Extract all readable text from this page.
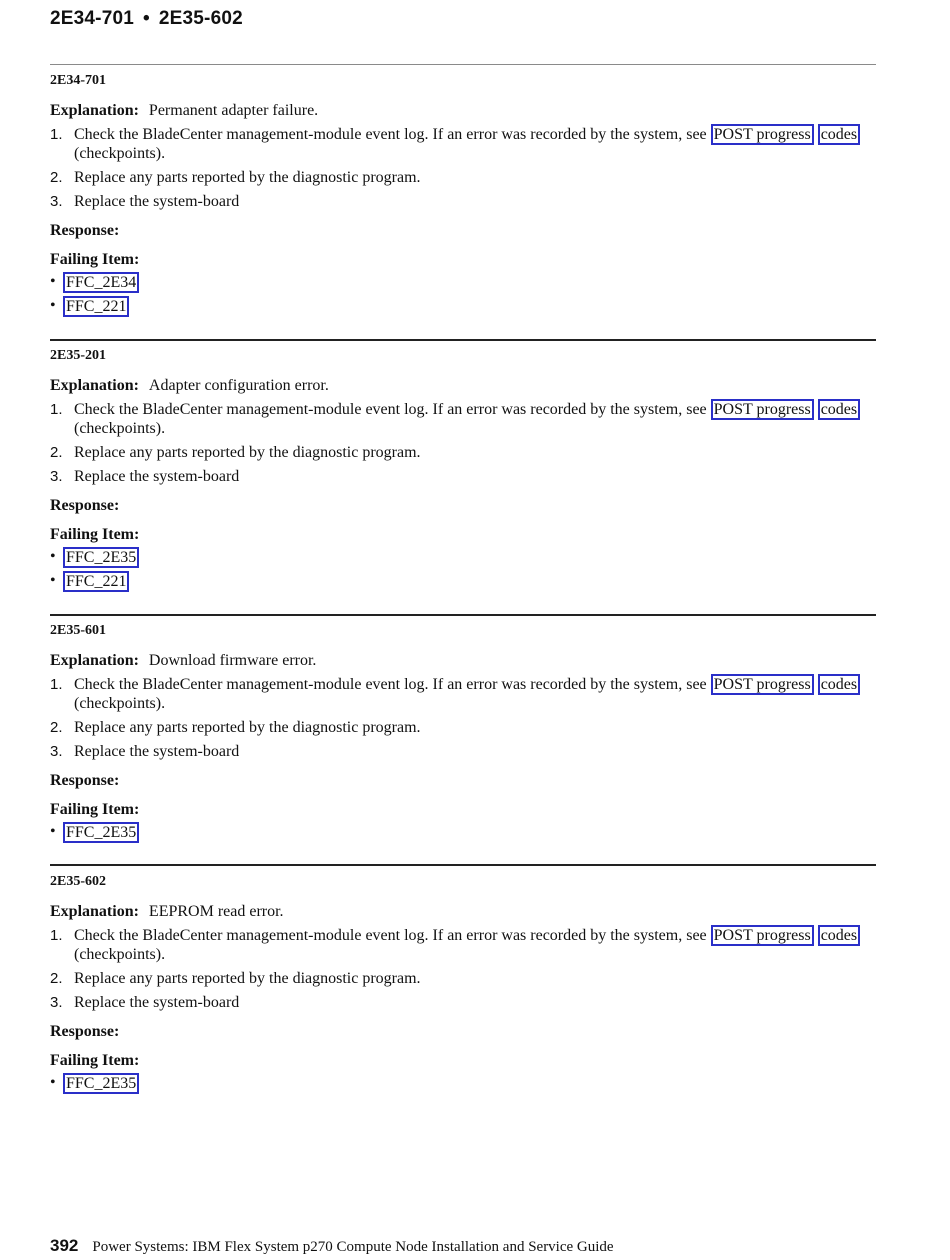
2E34-701 • 2E35-602
2E34-701
Explanation: Permanent adapter failure.
1. Check the BladeCenter management-module event log. If an error was recorded by the system, see POST progress codes (checkpoints).
2. Replace any parts reported by the diagnostic program.
3. Replace the system-board
Response:
Failing Item:
• FFC_2E34
• FFC_221
2E35-201
Explanation: Adapter configuration error.
1. Check the BladeCenter management-module event log. If an error was recorded by the system, see POST progress codes (checkpoints).
2. Replace any parts reported by the diagnostic program.
3. Replace the system-board
Response:
Failing Item:
• FFC_2E35
• FFC_221
2E35-601
Explanation: Download firmware error.
1. Check the BladeCenter management-module event log. If an error was recorded by the system, see POST progress codes (checkpoints).
2. Replace any parts reported by the diagnostic program.
3. Replace the system-board
Response:
Failing Item:
• FFC_2E35
2E35-602
Explanation: EEPROM read error.
1. Check the BladeCenter management-module event log. If an error was recorded by the system, see POST progress codes (checkpoints).
2. Replace any parts reported by the diagnostic program.
3. Replace the system-board
Response:
Failing Item:
• FFC_2E35
392 Power Systems: IBM Flex System p270 Compute Node Installation and Service Guide
